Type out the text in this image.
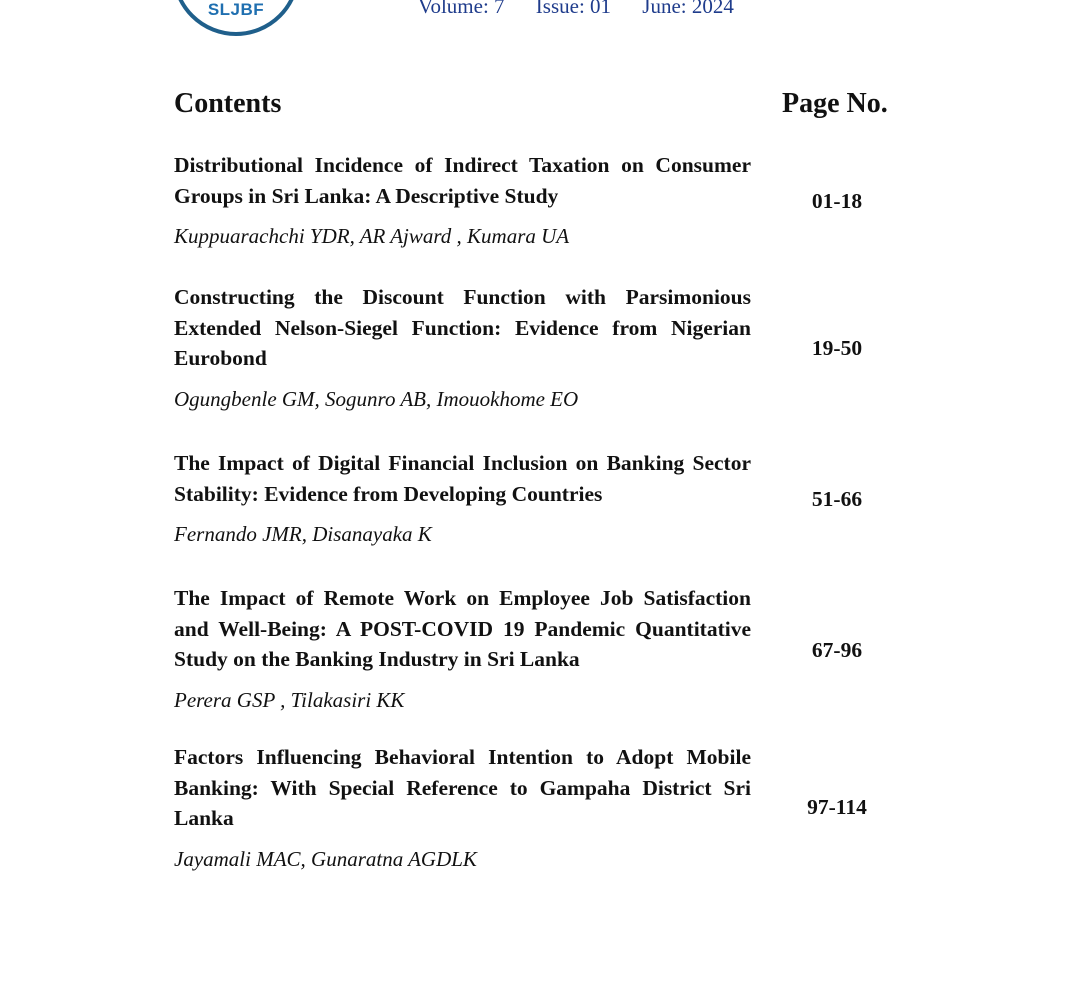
SLJBF	Volume: 7 Issue: 01 June: 2024
Contents	Page No.
Distributional Incidence of Indirect Taxation on Consumer Groups in Sri Lanka: A Descriptive Study
Kuppuarachchi YDR, AR Ajward , Kumara UA
01-18
Constructing the Discount Function with Parsimonious Extended Nelson-Siegel Function: Evidence from Nigerian Eurobond
Ogungbenle GM, Sogunro AB, Imouokhome EO
19-50
The Impact of Digital Financial Inclusion on Banking Sector Stability: Evidence from Developing Countries
Fernando JMR, Disanayaka K
51-66
The Impact of Remote Work on Employee Job Satisfaction and Well-Being: A POST-COVID 19 Pandemic Quantitative Study on the Banking Industry in Sri Lanka
Perera GSP , Tilakasiri KK
67-96
Factors Influencing Behavioral Intention to Adopt Mobile Banking: With Special Reference to Gampaha District Sri Lanka
Jayamali MAC, Gunaratna AGDLK
97-114
